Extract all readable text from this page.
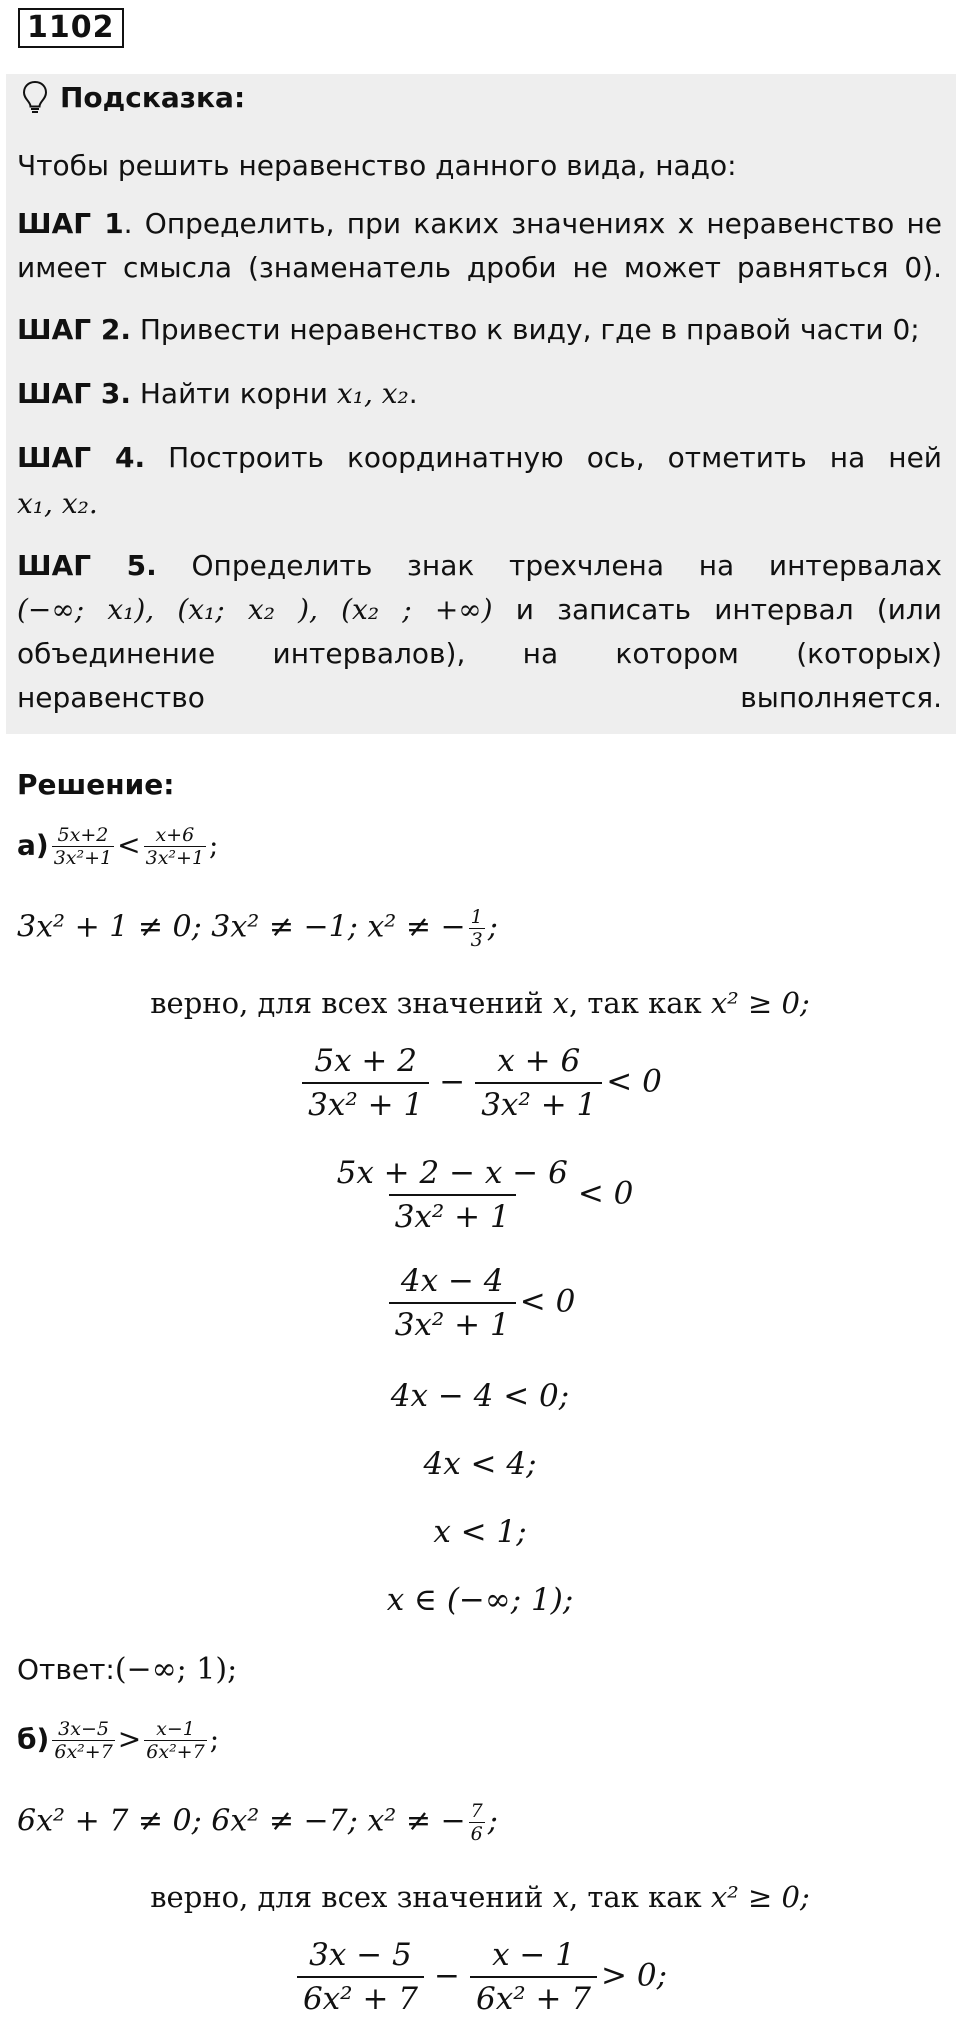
1102
Подсказка:
Чтобы решить неравенство данного вида, надо:
ШАГ 1. Определить, при каких значениях x неравенство не имеет смысла (знаменатель дроби не может равняться 0).
ШАГ 2. Привести неравенство к виду, где в правой части 0;
ШАГ 3. Найти корни x₁, x₂.
ШАГ 4. Построить координатную ось, отметить на ней
x₁, x₂.
ШАГ 5. Определить знак трехчлена на интервалах
(−∞; x₁), (x₁; x₂ ), (x₂ ; +∞) и записать интервал (или объединение интервалов), на котором (которых) неравенство выполняется.
Решение:
$а) \frac{5x+2}{\text{3x²+1}} < \frac{x+6}{\text{3x²+1}}$ ;
3x² + 1 ≠ 0; 3x² ≠ −1; x² ≠ − $\frac{1}{3}$ ;
верно, для всех значений x, так как x² ≥ 0;
$\frac{5x + 2}{\text{3x² + 1}} - \frac{x + 6}{\text{3x² + 1}} < 0$
$\frac{5x + 2 - x - 6}{\text{3x² + 1}} < 0$
$\frac{4x - 4}{\text{3x² + 1}} < 0$
4x − 4 < 0;
4x < 4;
x < 1;
x ∈ (−∞; 1);
Ответ:(−∞; 1);
$б) \frac{3x-5}{\text{6x²+7}} > \frac{x-1}{\text{6x²+7}}$ ;
6x² + 7 ≠ 0; 6x² ≠ −7; x² ≠ − $\frac{7}{6}$ ;
верно, для всех значений x, так как x² ≥ 0;
$\frac{3x - 5}{\text{6x² + 7}} - \frac{x - 1}{\text{6x² + 7}} > 0$;
